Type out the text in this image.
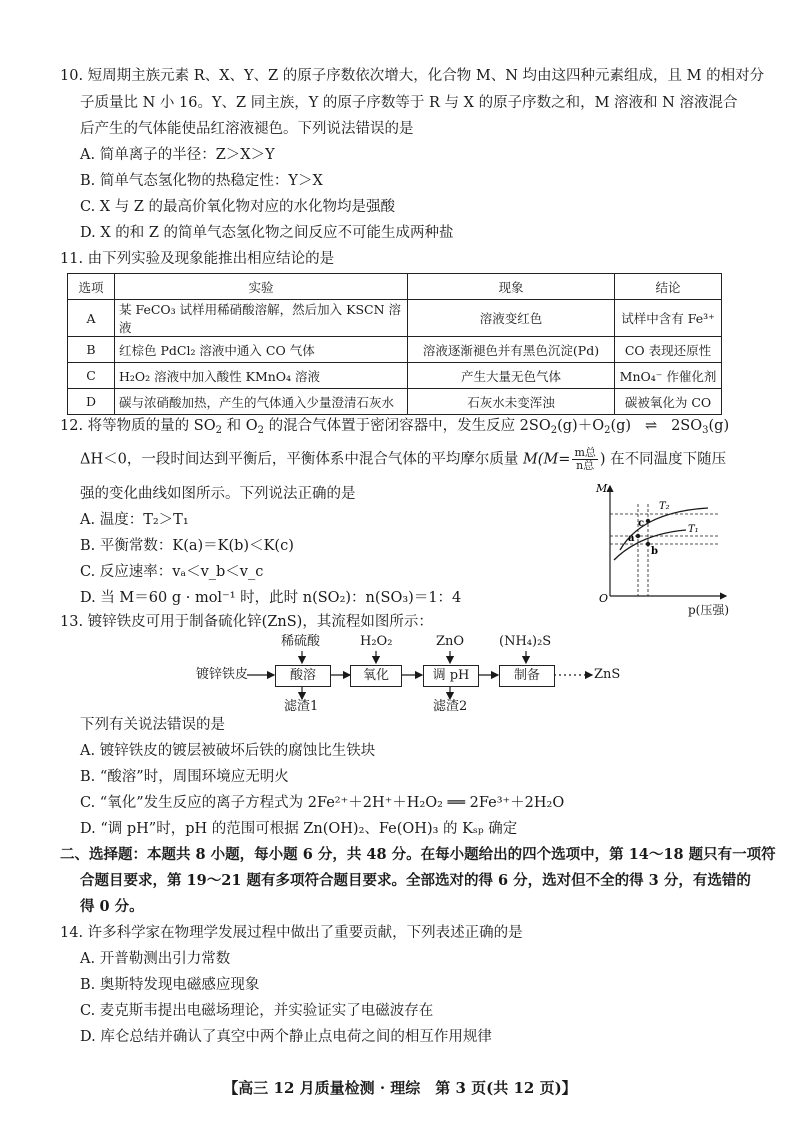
10. 短周期主族元素 R、X、Y、Z 的原子序数依次增大，化合物 M、N 均由这四种元素组成，且 M 的相对分
子质量比 N 小 16。Y、Z 同主族，Y 的原子序数等于 R 与 X 的原子序数之和，M 溶液和 N 溶液混合
后产生的气体能使品红溶液褪色。下列说法错误的是
A. 简单离子的半径：Z＞X＞Y
B. 简单气态氢化物的热稳定性：Y＞X
C. X 与 Z 的最高价氧化物对应的水化物均是强酸
D. X 的和 Z 的简单气态氢化物之间反应不可能生成两种盐
11. 由下列实验及现象能推出相应结论的是
选项	实验	现象	结论
A	某 FeCO₃ 试样用稀硝酸溶解，然后加入 KSCN 溶液	溶液变红色	试样中含有 Fe³⁺
B	红棕色 PdCl₂ 溶液中通入 CO 气体	溶液逐渐褪色并有黑色沉淀(Pd)	CO 表现还原性
C	H₂O₂ 溶液中加入酸性 KMnO₄ 溶液	产生大量无色气体	MnO₄⁻ 作催化剂
D	碳与浓硝酸加热，产生的气体通入少量澄清石灰水	石灰水未变浑浊	碳被氧化为 CO
12. 将等物质的量的 $SO_2$ 和 $O_2$ 的混合气体置于密闭容器中，发生反应 $2SO_2(g)+O_2(g)$ ⇌ $2SO_3(g)$
ΔH＜0，一段时间达到平衡后，平衡体系中混合气体的平均摩尔质量 $M(M= \frac{\text{m总}}{\text{n总}}$ ) 在不同温度下随压
强的变化曲线如图所示。下列说法正确的是
A. 温度：T₂＞T₁
B. 平衡常数：K(a)＝K(b)＜K(c)
C. 反应速率：vₐ＜v_b＜v_c
D. 当 M＝60 g · mol⁻¹ 时，此时 n(SO₂)：n(SO₃)＝1：4
M
O
T₂
T₁
a
b
c
p(压强)
13. 镀锌铁皮可用于制备硫化锌(ZnS)，其流程如图所示：
镀锌铁皮	酸溶	氧化	调 pH	制备
稀硫酸	H₂O₂	ZnO	(NH₄)₂S
滤渣1	滤渣2
ZnS
下列有关说法错误的是
A. 镀锌铁皮的镀层被破坏后铁的腐蚀比生铁块
B. “酸溶”时，周围环境应无明火
C. “氧化”发生反应的离子方程式为 2Fe²⁺＋2H⁺＋H₂O₂ ══ 2Fe³⁺＋2H₂O
D. “调 pH”时，pH 的范围可根据 Zn(OH)₂、Fe(OH)₃ 的 Kₛₚ 确定
二、选择题：本题共 8 小题，每小题 6 分，共 48 分。在每小题给出的四个选项中，第 14～18 题只有一项符
合题目要求，第 19～21 题有多项符合题目要求。全部选对的得 6 分，选对但不全的得 3 分，有选错的
得 0 分。
14. 许多科学家在物理学发展过程中做出了重要贡献，下列表述正确的是
A. 开普勒测出引力常数
B. 奥斯特发现电磁感应现象
C. 麦克斯韦提出电磁场理论，并实验证实了电磁波存在
D. 库仑总结并确认了真空中两个静止点电荷之间的相互作用规律
【高三 12 月质量检测 · 理综　第 3 页(共 12 页)】
